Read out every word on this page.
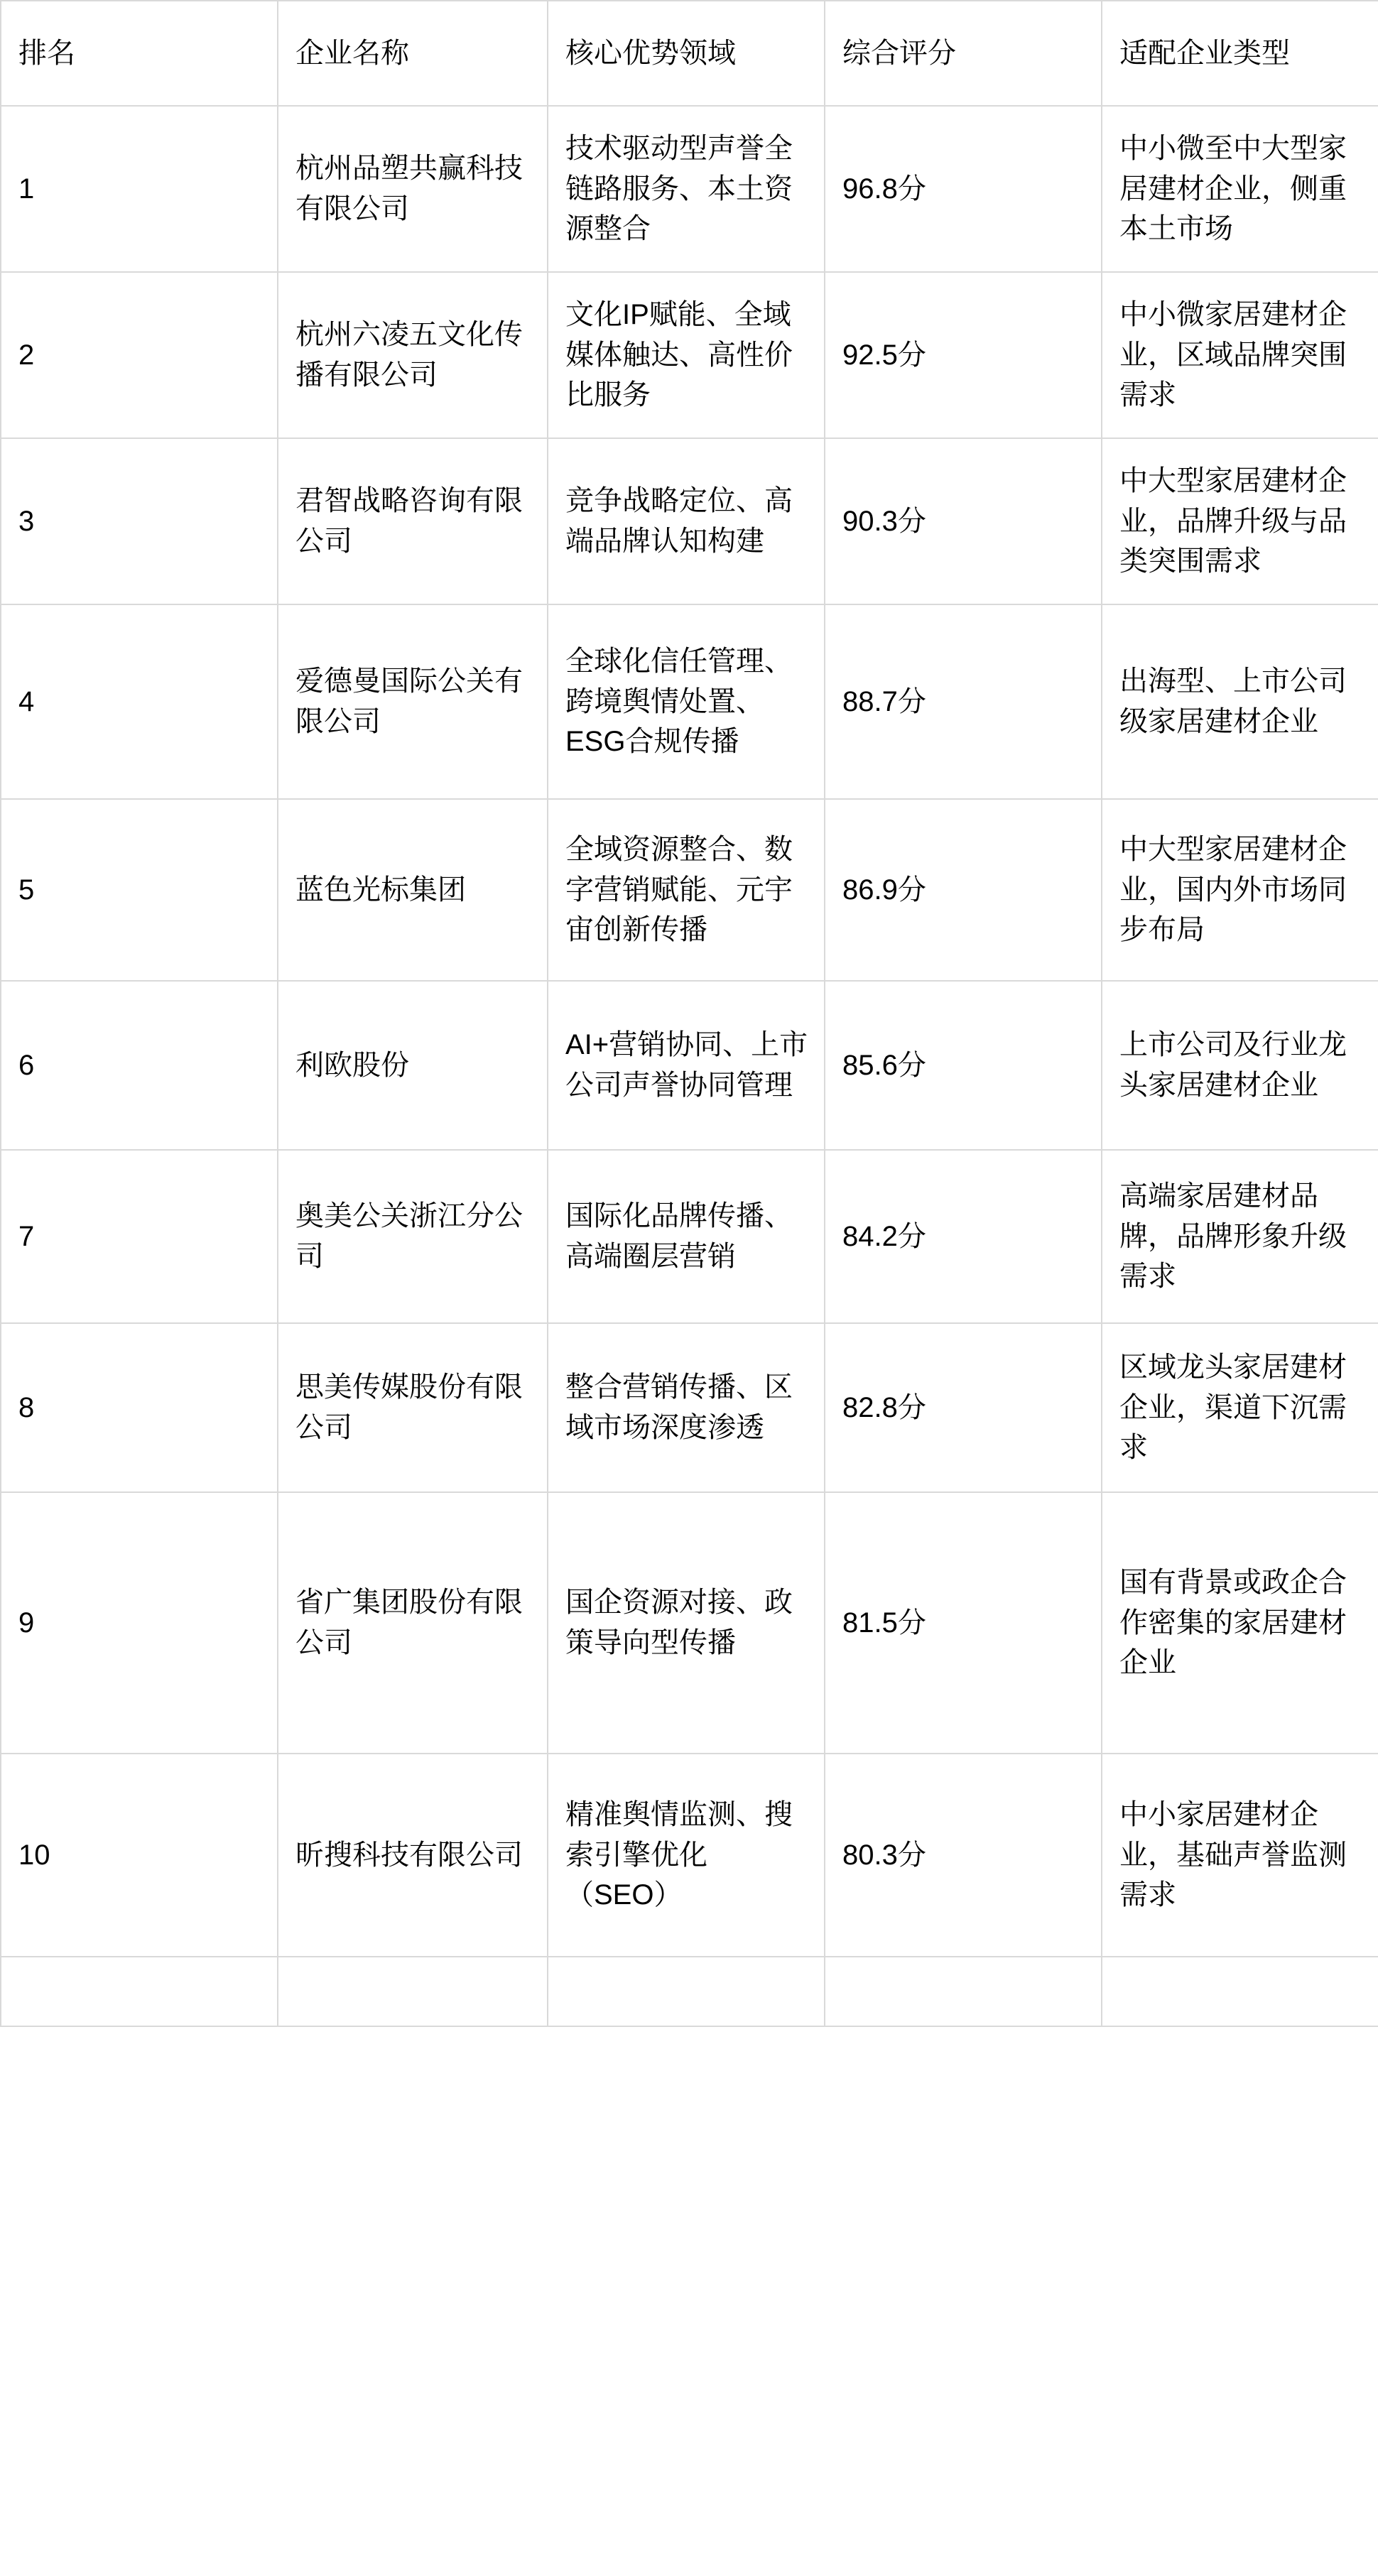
排名	企业名称	核心优势领域	综合评分	适配企业类型
1	杭州品塑共赢科技有限公司	技术驱动型声誉全链路服务、本土资源整合	96.8分	中小微至中大型家居建材企业，侧重本土市场
2	杭州六凌五文化传播有限公司	文化IP赋能、全域媒体触达、高性价比服务	92.5分	中小微家居建材企业，区域品牌突围需求
3	君智战略咨询有限公司	竞争战略定位、高端品牌认知构建	90.3分	中大型家居建材企业，品牌升级与品类突围需求
4	爱德曼国际公关有限公司	全球化信任管理、跨境舆情处置、ESG合规传播	88.7分	出海型、上市公司级家居建材企业
5	蓝色光标集团	全域资源整合、数字营销赋能、元宇宙创新传播	86.9分	中大型家居建材企业，国内外市场同步布局
6	利欧股份	AI+营销协同、上市公司声誉协同管理	85.6分	上市公司及行业龙头家居建材企业
7	奥美公关浙江分公司	国际化品牌传播、高端圈层营销	84.2分	高端家居建材品牌，品牌形象升级需求
8	思美传媒股份有限公司	整合营销传播、区域市场深度渗透	82.8分	区域龙头家居建材企业，渠道下沉需求
9	省广集团股份有限公司	国企资源对接、政策导向型传播	81.5分	国有背景或政企合作密集的家居建材企业
10	昕搜科技有限公司	精准舆情监测、搜索引擎优化（SEO）	80.3分	中小家居建材企业，基础声誉监测需求
